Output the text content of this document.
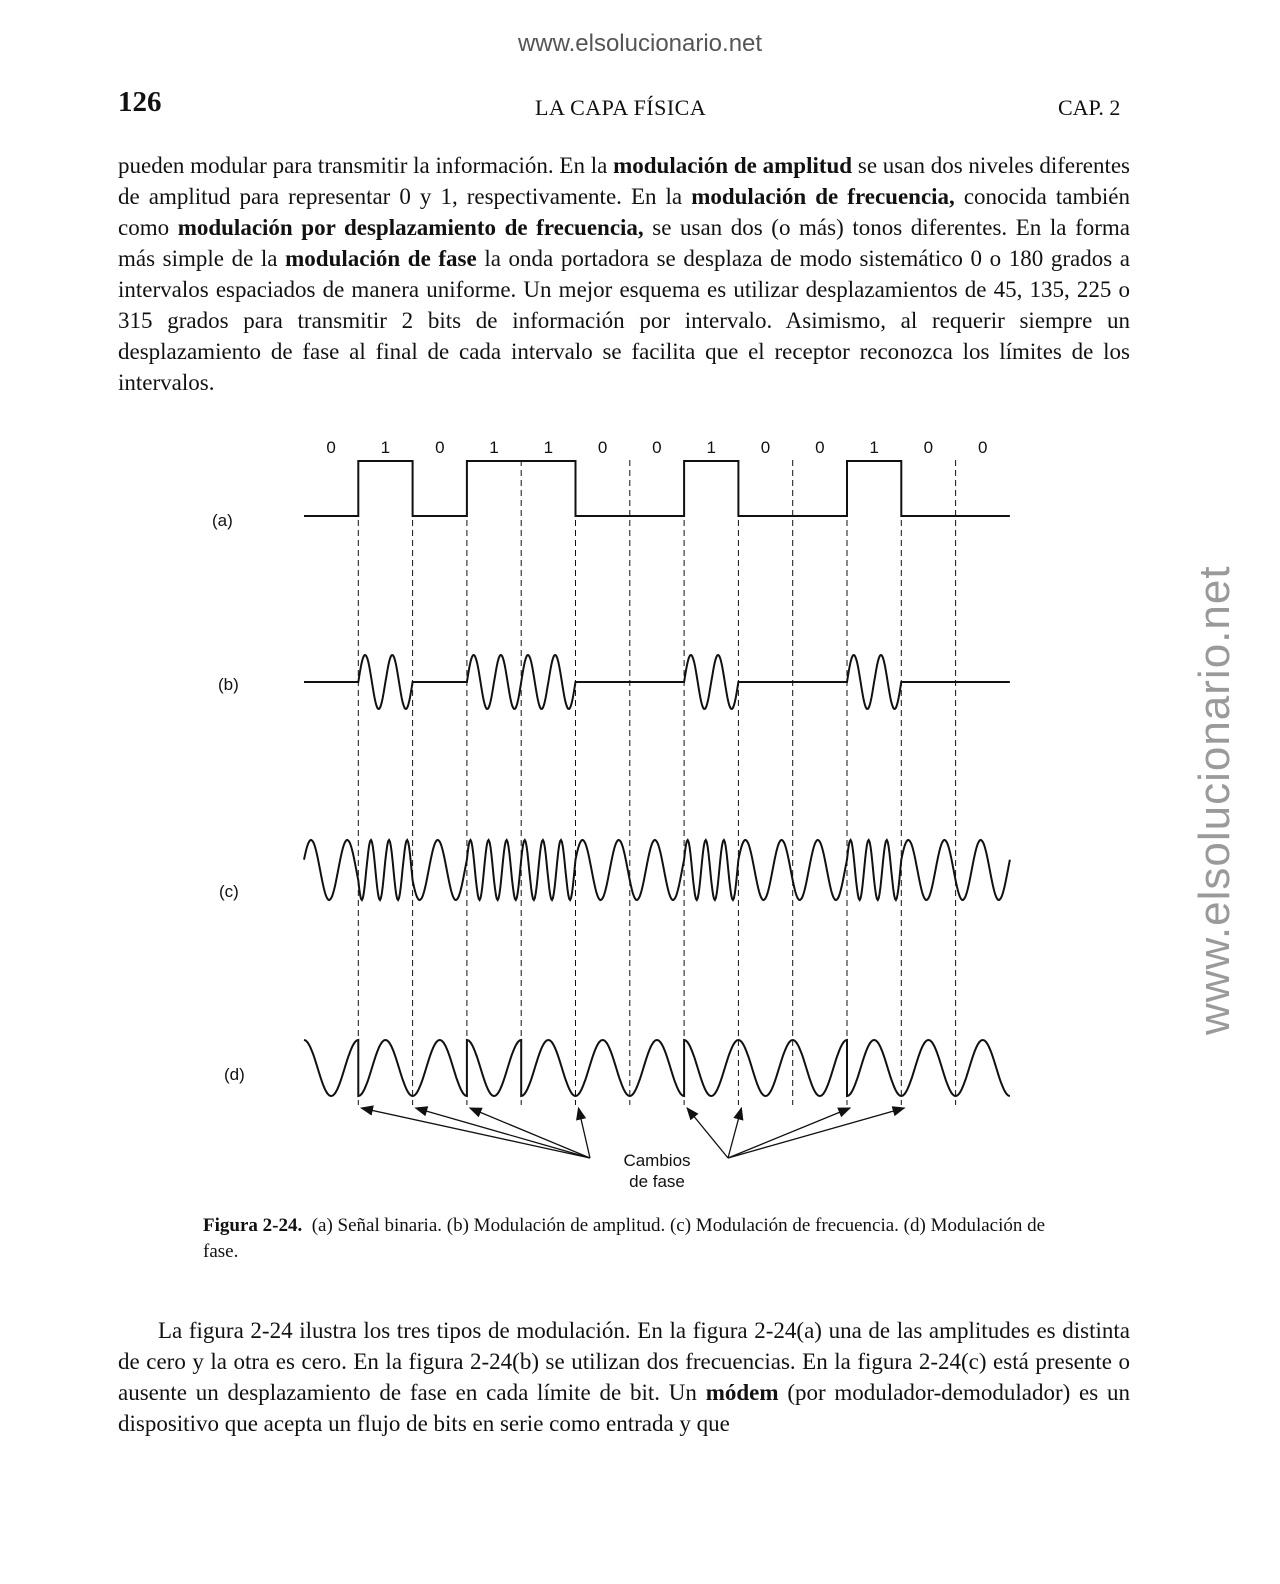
www.elsolucionario.net
www.elsolucionario.net
126	LA CAPA FÍSICA	CAP. 2

pueden modular para transmitir la información. En la modulación de amplitud se usan dos niveles diferentes de amplitud para representar 0 y 1, respectivamente. En la modulación de frecuencia, conocida también como modulación por desplazamiento de frecuencia, se usan dos (o más) tonos diferentes. En la forma más simple de la modulación de fase la onda portadora se desplaza de modo sistemático 0 o 180 grados a intervalos espaciados de manera uniforme. Un mejor esquema es utilizar desplazamientos de 45, 135, 225 o 315 grados para transmitir 2 bits de información por intervalo. Asimismo, al requerir siempre un desplazamiento de fase al final de cada intervalo se facilita que el receptor reconozca los límites de los intervalos.

0	1	0	1	1	0	0	1	0	0	1	0	0
(a)
(b)
(c)
(d)
Cambios
de fase
Figura 2-24. (a) Señal binaria. (b) Modulación de amplitud. (c) Modulación de frecuencia. (d) Modulación de fase.

La figura 2-24 ilustra los tres tipos de modulación. En la figura 2-24(a) una de las amplitudes es distinta de cero y la otra es cero. En la figura 2-24(b) se utilizan dos frecuencias. En la figura 2-24(c) está presente o ausente un desplazamiento de fase en cada límite de bit. Un módem (por modulador-demodulador) es un dispositivo que acepta un flujo de bits en serie como entrada y que
